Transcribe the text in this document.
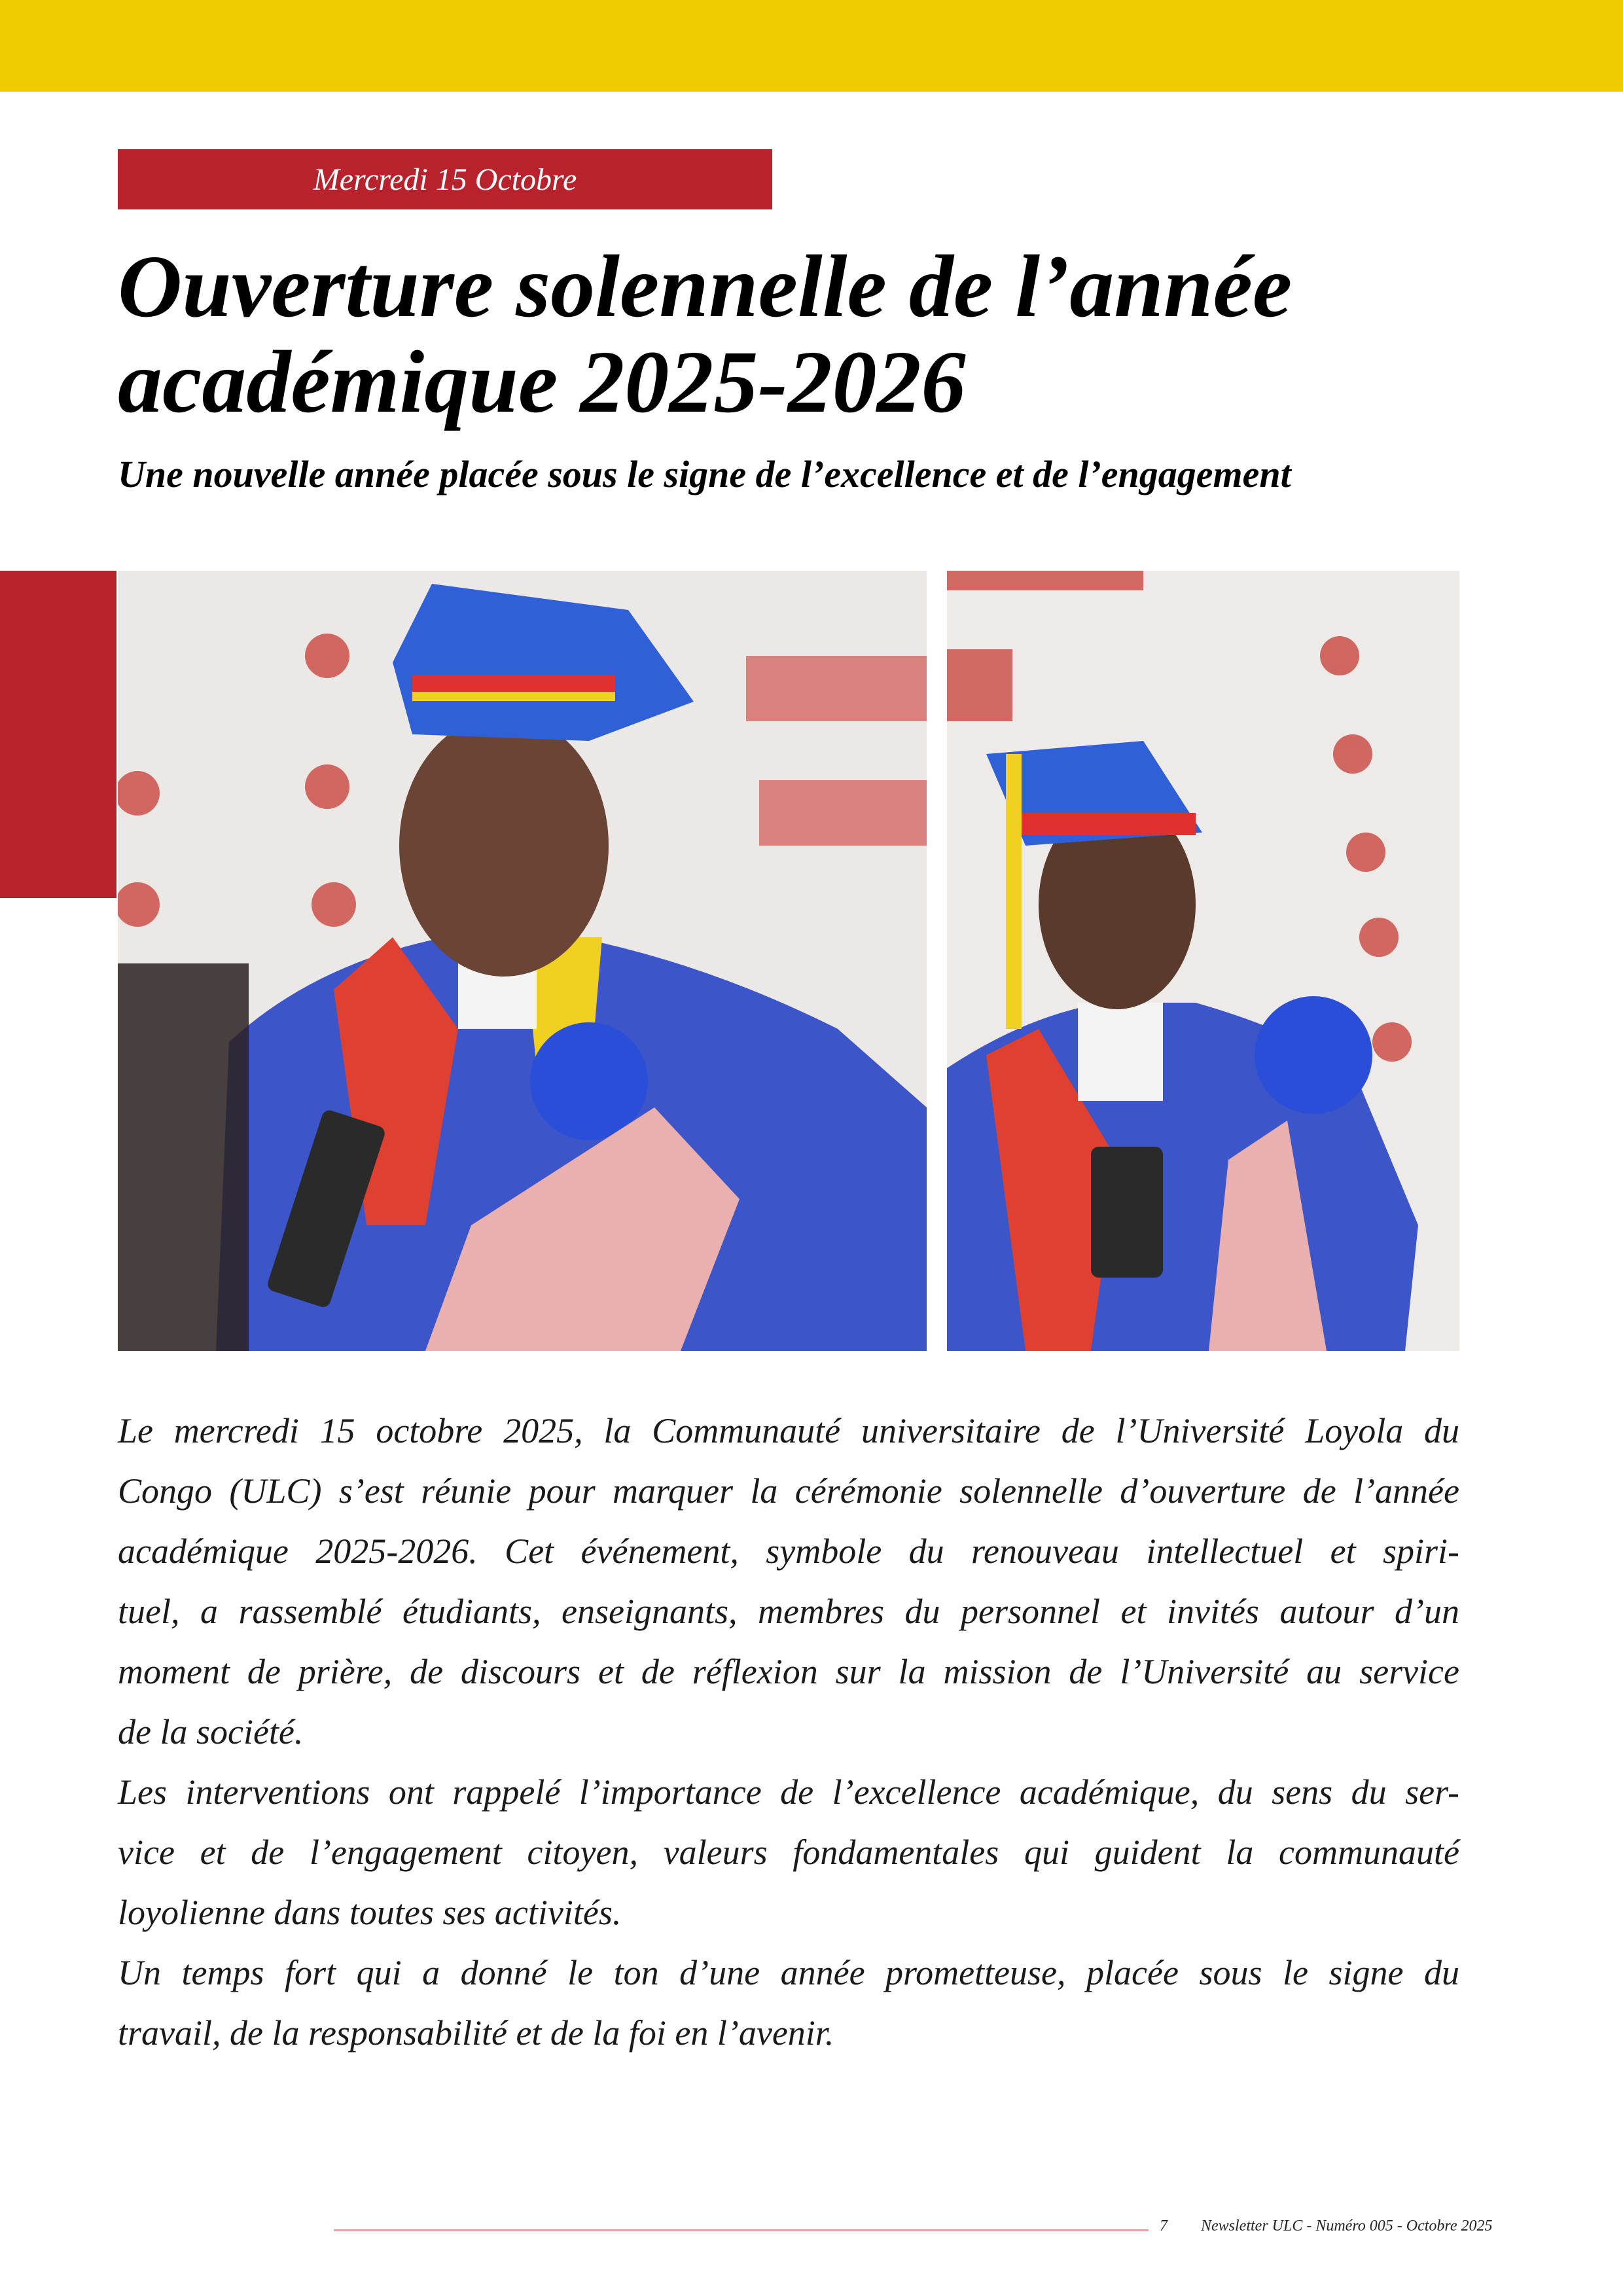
Mercredi 15 Octobre
Ouverture solennelle de l’année
académique 2025-2026
Une nouvelle année placée sous le signe de l’excellence et de l’engagement
Le mercredi 15 octobre 2025, la Communauté universitaire de l’Université Loyola du
Congo (ULC) s’est réunie pour marquer la cérémonie solennelle d’ouverture de l’année
académique 2025-2026. Cet événement, symbole du renouveau intellectuel et spiri-
tuel, a rassemblé étudiants, enseignants, membres du personnel et invités autour d’un
moment de prière, de discours et de réflexion sur la mission de l’Université au service
de la société.
Les interventions ont rappelé l’importance de l’excellence académique, du sens du ser-
vice et de l’engagement citoyen, valeurs fondamentales qui guident la communauté
loyolienne dans toutes ses activités.
Un temps fort qui a donné le ton d’une année prometteuse, placée sous le signe du
travail, de la responsabilité et de la foi en l’avenir.
7 Newsletter ULC - Numéro 005 - Octobre 2025
